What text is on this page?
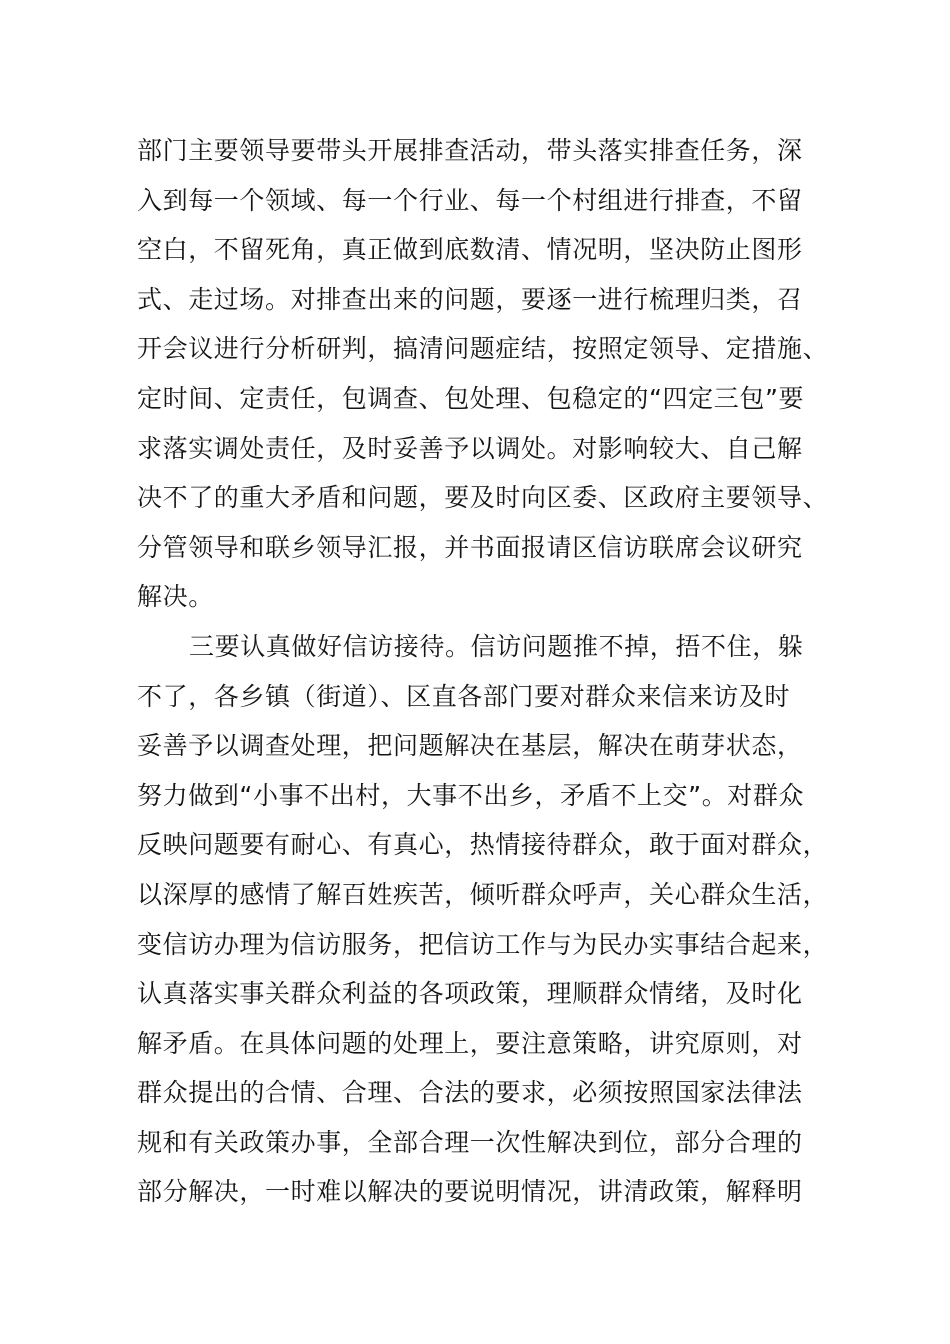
部门主要领导要带头开展排查活动，带头落实排查任务，深
入到每一个领域、每一个行业、每一个村组进行排查，不留
空白，不留死角，真正做到底数清、情况明，坚决防止图形
式、走过场。对排查出来的问题，要逐一进行梳理归类，召
开会议进行分析研判，搞清问题症结，按照定领导、定措施、
定时间、定责任，包调查、包处理、包稳定的“四定三包”要
求落实调处责任，及时妥善予以调处。对影响较大、自己解
决不了的重大矛盾和问题，要及时向区委、区政府主要领导、
分管领导和联乡领导汇报，并书面报请区信访联席会议研究
解决。
三要认真做好信访接待。信访问题推不掉，捂不住，躲
不了，各乡镇（街道）、区直各部门要对群众来信来访及时
妥善予以调查处理，把问题解决在基层，解决在萌芽状态，
努力做到“小事不出村，大事不出乡，矛盾不上交”。对群众
反映问题要有耐心、有真心，热情接待群众，敢于面对群众，
以深厚的感情了解百姓疾苦，倾听群众呼声，关心群众生活，
变信访办理为信访服务，把信访工作与为民办实事结合起来，
认真落实事关群众利益的各项政策，理顺群众情绪，及时化
解矛盾。在具体问题的处理上，要注意策略，讲究原则，对
群众提出的合情、合理、合法的要求，必须按照国家法律法
规和有关政策办事，全部合理一次性解决到位，部分合理的
部分解决，一时难以解决的要说明情况，讲清政策，解释明
